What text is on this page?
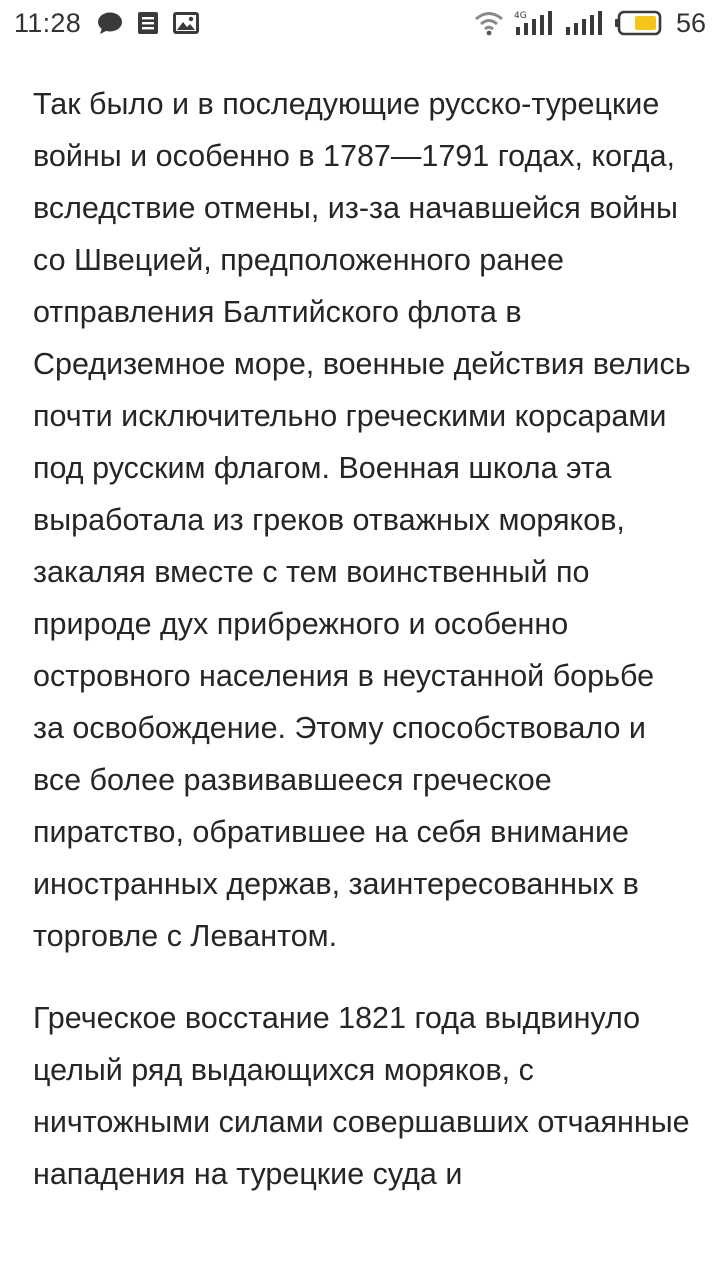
11:28	4G	56

Так было и в последующие русско-турецкие войны и особенно в 1787—1791 годах, когда, вследствие отмены, из-за начавшейся войны со Швецией, предположенного ранее отправления Балтийского флота в Средиземное море, военные действия велись почти исключительно греческими корсарами под русским флагом. Военная школа эта выработала из греков отважных моряков, закаляя вместе с тем воинственный по природе дух прибрежного и особенно островного населения в неустанной борьбе за освобождение. Этому способствовало и все более развивавшееся греческое пиратство, обратившее на себя внимание иностранных держав, заинтересованных в торговле с Левантом.

Греческое восстание 1821 года выдвинуло целый ряд выдающихся моряков, с ничтожными силами совершавших отчаянные нападения на турецкие суда и
